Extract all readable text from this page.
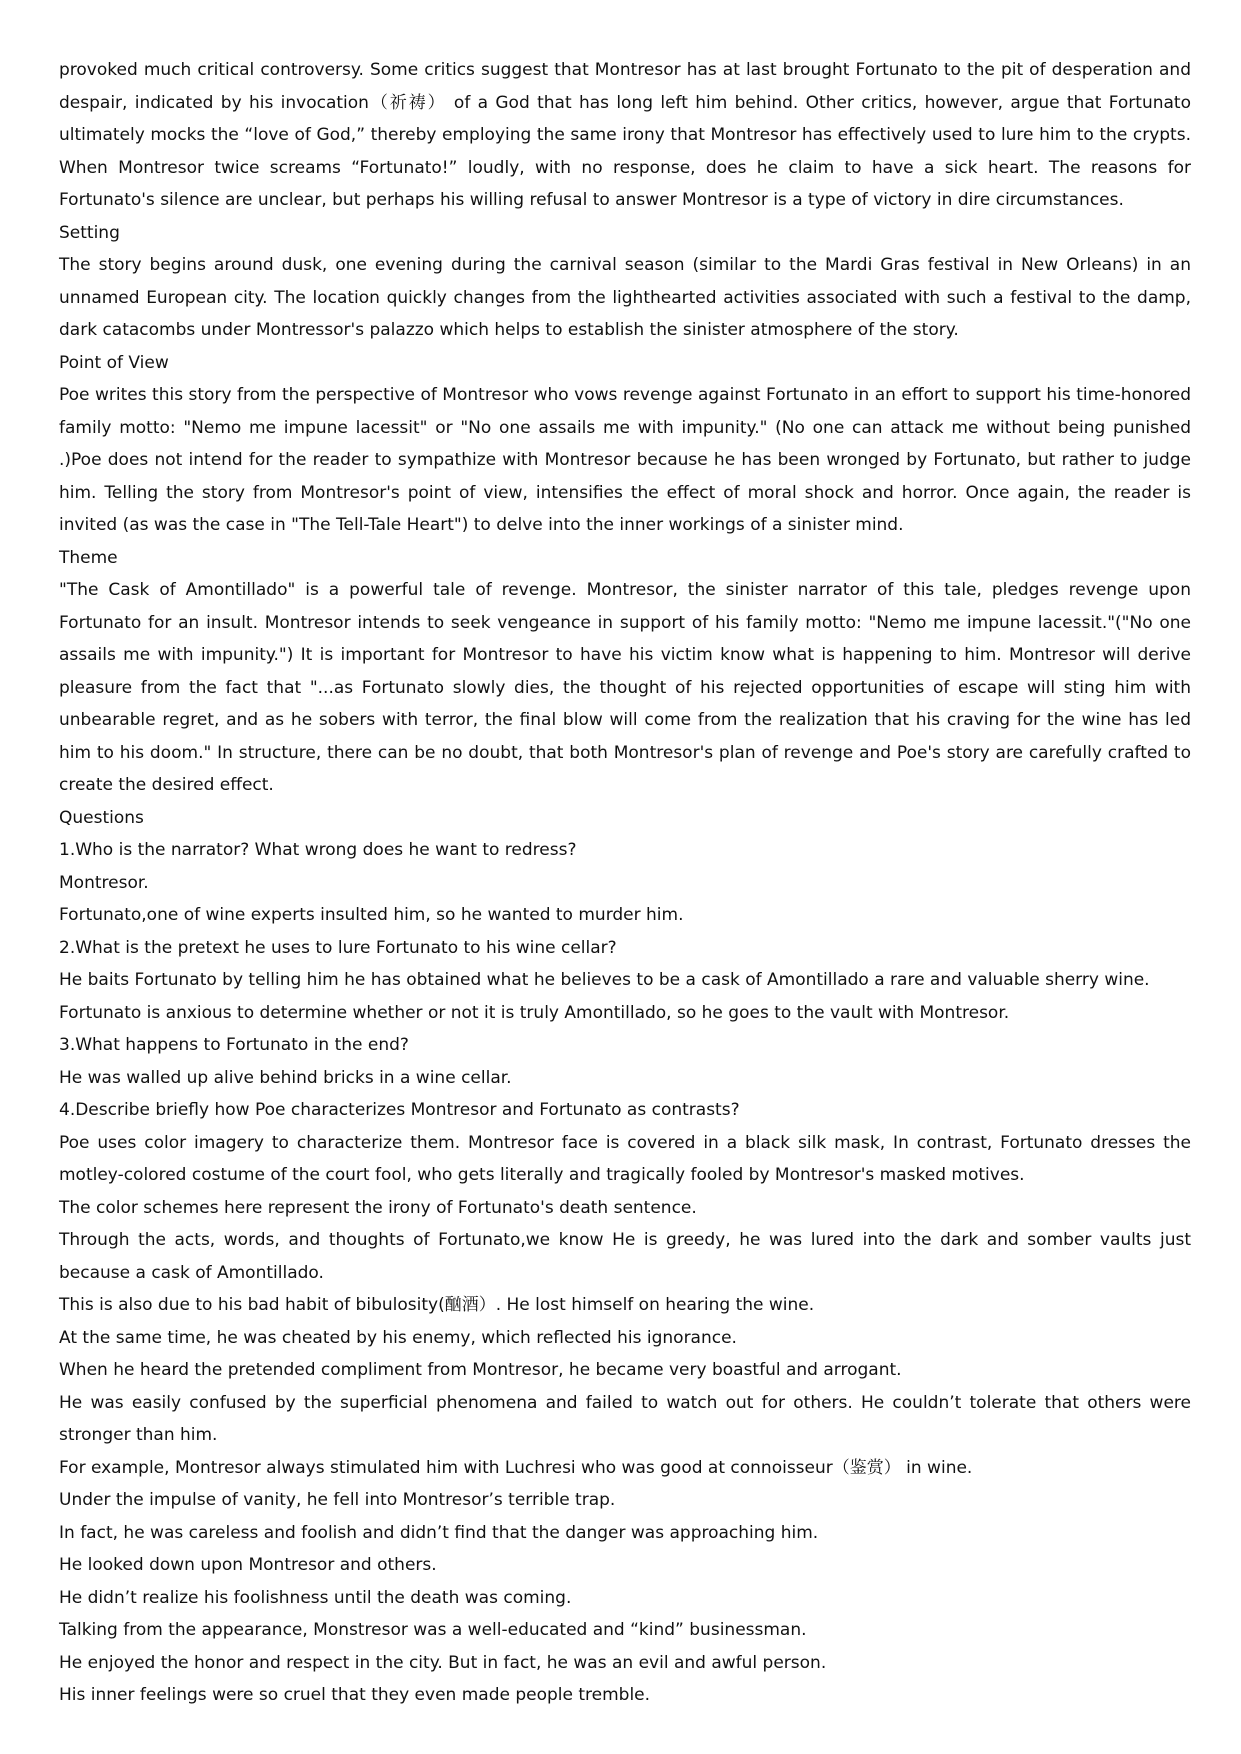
provoked much critical controversy. Some critics suggest that Montresor has at last brought Fortunato to the pit of desperation and despair, indicated by his invocation（祈祷） of a God that has long left him behind. Other critics, however, argue that Fortunato ultimately mocks the “love of God,” thereby employing the same irony that Montresor has effectively used to lure him to the crypts. When Montresor twice screams “Fortunato!” loudly, with no response, does he claim to have a sick heart. The reasons for Fortunato's silence are unclear, but perhaps his willing refusal to answer Montresor is a type of victory in dire circumstances.

Setting

The story begins around dusk, one evening during the carnival season (similar to the Mardi Gras festival in New Orleans) in an unnamed European city. The location quickly changes from the lighthearted activities associated with such a festival to the damp, dark catacombs under Montressor's palazzo which helps to establish the sinister atmosphere of the story.

Point of View

Poe writes this story from the perspective of Montresor who vows revenge against Fortunato in an effort to support his time-honored family motto: "Nemo me impune lacessit" or "No one assails me with impunity." (No one can attack me without being punished .)Poe does not intend for the reader to sympathize with Montresor because he has been wronged by Fortunato, but rather to judge him. Telling the story from Montresor's point of view, intensifies the effect of moral shock and horror. Once again, the reader is invited (as was the case in "The Tell-Tale Heart") to delve into the inner workings of a sinister mind.

Theme

"The Cask of Amontillado" is a powerful tale of revenge. Montresor, the sinister narrator of this tale, pledges revenge upon Fortunato for an insult. Montresor intends to seek vengeance in support of his family motto: "Nemo me impune lacessit."("No one assails me with impunity.") It is important for Montresor to have his victim know what is happening to him. Montresor will derive pleasure from the fact that "...as Fortunato slowly dies, the thought of his rejected opportunities of escape will sting him with unbearable regret, and as he sobers with terror, the final blow will come from the realization that his craving for the wine has led him to his doom." In structure, there can be no doubt, that both Montresor's plan of revenge and Poe's story are carefully crafted to create the desired effect.

Questions

1.Who is the narrator? What wrong does he want to redress?

Montresor.

Fortunato,one of wine experts insulted him, so he wanted to murder him.

2.What is the pretext he uses to lure Fortunato to his wine cellar?

He baits Fortunato by telling him he has obtained what he believes to be a cask of Amontillado a rare and valuable sherry wine.

Fortunato is anxious to determine whether or not it is truly Amontillado, so he goes to the vault with Montresor.

3.What happens to Fortunato in the end?

He was walled up alive behind bricks in a wine cellar.

4.Describe briefly how Poe characterizes Montresor and Fortunato as contrasts?

Poe uses color imagery to characterize them. Montresor face is covered in a black silk mask, In contrast, Fortunato dresses the motley-colored costume of the court fool, who gets literally and tragically fooled by Montresor's masked motives.

The color schemes here represent the irony of Fortunato's death sentence.

Through the acts, words, and thoughts of Fortunato,we know He is greedy, he was lured into the dark and somber vaults just because a cask of Amontillado.

This is also due to his bad habit of bibulosity(酗酒）. He lost himself on hearing the wine.

At the same time, he was cheated by his enemy, which reflected his ignorance.

When he heard the pretended compliment from Montresor, he became very boastful and arrogant.

He was easily confused by the superficial phenomena and failed to watch out for others. He couldn’t tolerate that others were stronger than him.

For example, Montresor always stimulated him with Luchresi who was good at connoisseur（鉴赏） in wine.

Under the impulse of vanity, he fell into Montresor’s terrible trap.

In fact, he was careless and foolish and didn’t find that the danger was approaching him.

He looked down upon Montresor and others.

He didn’t realize his foolishness until the death was coming.

Talking from the appearance, Monstresor was a well-educated and “kind” businessman.

He enjoyed the honor and respect in the city. But in fact, he was an evil and awful person.

His inner feelings were so cruel that they even made people tremble.
